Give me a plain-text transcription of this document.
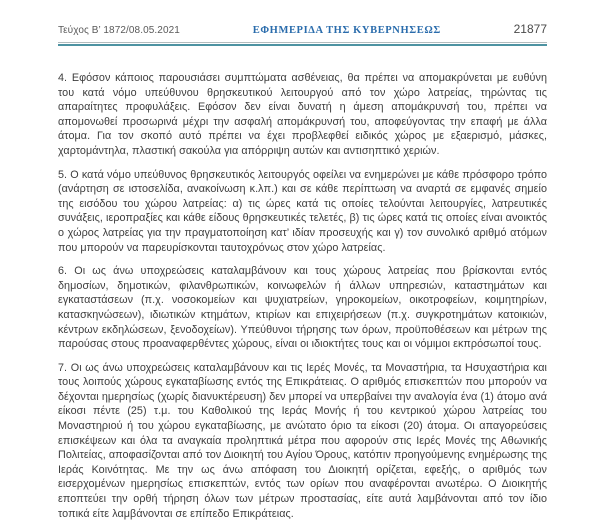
Τεύχος Β’ 1872/08.05.2021	ΕΦΗΜΕΡΙΔΑ ΤΗΣ ΚΥΒΕΡΝΗΣΕΩΣ	21877

4. Εφόσον κάποιος παρουσιάσει συμπτώματα ασθένειας, θα πρέπει να απομακρύνεται με ευθύνη του κατά νόμο υπεύθυνου θρησκευτικού λειτουργού από τον χώρο λατρείας, τηρώντας τις απαραίτητες προφυλάξεις. Εφόσον δεν είναι δυνατή η άμεση απομάκρυνσή του, πρέπει να απομονωθεί προσωρινά μέχρι την ασφαλή απομάκρυνσή του, αποφεύγοντας την επαφή με άλλα άτομα. Για τον σκοπό αυτό πρέπει να έχει προβλεφθεί ειδικός χώρος με εξαερισμό, μάσκες, χαρτομάντηλα, πλαστική σακούλα για απόρριψη αυτών και αντισηπτικό χεριών.

5. Ο κατά νόμο υπεύθυνος θρησκευτικός λειτουργός οφείλει να ενημερώνει με κάθε πρόσφορο τρόπο (ανάρτηση σε ιστοσελίδα, ανακοίνωση κ.λπ.) και σε κάθε περίπτωση να αναρτά σε εμφανές σημείο της εισόδου του χώρου λατρείας: α) τις ώρες κατά τις οποίες τελούνται λειτουργίες, λατρευτικές συνάξεις, ιεροπραξίες και κάθε είδους θρησκευτικές τελετές, β) τις ώρες κατά τις οποίες είναι ανοικτός ο χώρος λατρείας για την πραγματοποίηση κατ’ ιδίαν προσευχής και γ) τον συνολικό αριθμό ατόμων που μπορούν να παρευρίσκονται ταυτοχρόνως στον χώρο λατρείας.

6. Οι ως άνω υποχρεώσεις καταλαμβάνουν και τους χώρους λατρείας που βρίσκονται εντός δημοσίων, δημοτικών, φιλανθρωπικών, κοινωφελών ή άλλων υπηρεσιών, καταστημάτων και εγκαταστάσεων (π.χ. νοσοκομείων και ψυχιατρείων, γηροκομείων, οικοτροφείων, κοιμητηρίων, κατασκηνώσεων), ιδιωτικών κτημάτων, κτιρίων και επιχειρήσεων (π.χ. συγκροτημάτων κατοικιών, κέντρων εκδηλώσεων, ξενοδοχείων). Υπεύθυνοι τήρησης των όρων, προϋποθέσεων και μέτρων της παρούσας στους προαναφερθέντες χώρους, είναι οι ιδιοκτήτες τους και οι νόμιμοι εκπρόσωποί τους.

7. Οι ως άνω υποχρεώσεις καταλαμβάνουν και τις Ιερές Μονές, τα Μοναστήρια, τα Ησυχαστήρια και τους λοιπούς χώρους εγκαταβίωσης εντός της Επικράτειας. Ο αριθμός επισκεπτών που μπορούν να δέχονται ημερησίως (χωρίς διανυκτέρευση) δεν μπορεί να υπερβαίνει την αναλογία ένα (1) άτομο ανά είκοσι πέντε (25) τ.μ. του Καθολικού της Ιεράς Μονής ή του κεντρικού χώρου λατρείας του Μοναστηριού ή του χώρου εγκαταβίωσης, με ανώτατο όριο τα είκοσι (20) άτομα. Οι απαγορεύσεις επισκέψεων και όλα τα αναγκαία προληπτικά μέτρα που αφορούν στις Ιερές Μονές της Αθωνικής Πολιτείας, αποφασίζονται από τον Διοικητή του Αγίου Όρους, κατόπιν προηγούμενης ενημέρωσης της Ιεράς Κοινότητας. Με την ως άνω απόφαση του Διοικητή ορίζεται, εφεξής, ο αριθμός των εισερχομένων ημερησίως επισκεπτών, εντός των ορίων που αναφέρονται ανωτέρω. Ο Διοικητής εποπτεύει την ορθή τήρηση όλων των μέτρων προστασίας, είτε αυτά λαμβάνονται από τον ίδιο τοπικά είτε λαμβάνονται σε επίπεδο Επικράτειας.
